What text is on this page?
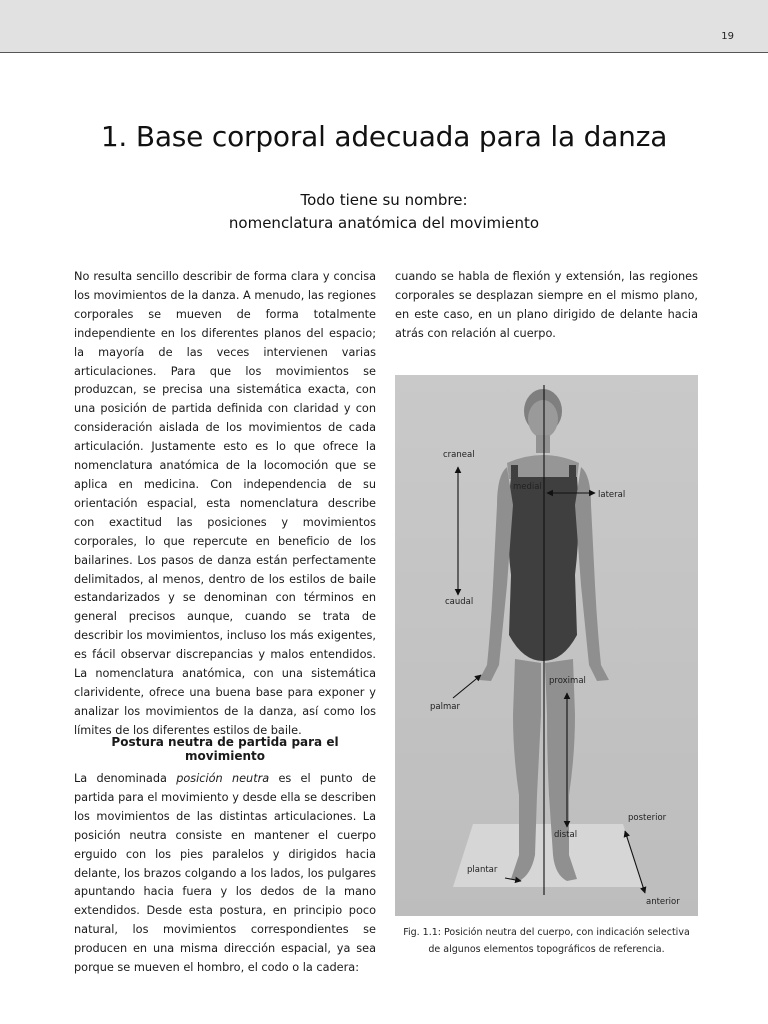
19
1. Base corporal adecuada para la danza
Todo tiene su nombre:
nomenclatura anatómica del movimiento

No resulta sencillo describir de forma clara y concisa los movimientos de la danza. A menudo, las regiones corporales se mueven de forma totalmente independiente en los diferentes planos del espacio; la mayoría de las veces intervienen varias articulaciones. Para que los movimientos se produzcan, se precisa una sistemática exacta, con una posición de partida definida con claridad y con consideración aislada de los movimientos de cada articulación. Justamente esto es lo que ofrece la nomenclatura anatómica de la locomoción que se aplica en medicina. Con independencia de su orientación espacial, esta nomenclatura describe con exactitud las posiciones y movimientos corporales, lo que repercute en beneficio de los bailarines. Los pasos de danza están perfectamente delimitados, al menos, dentro de los estilos de baile estandarizados y se denominan con términos en general precisos aunque, cuando se trata de describir los movimientos, incluso los más exigentes, es fácil observar discrepancias y malos entendidos. La nomenclatura anatómica, con una sistemática clarividente, ofrece una buena base para exponer y analizar los movimientos de la danza, así como los límites de los diferentes estilos de baile.

Postura neutra de partida para el movimiento

La denominada posición neutra es el punto de partida para el movimiento y desde ella se describen los movimientos de las distintas articulaciones. La posición neutra consiste en mantener el cuerpo erguido con los pies paralelos y dirigidos hacia delante, los brazos colgando a los lados, los pulgares apuntando hacia fuera y los dedos de la mano extendidos. Desde esta postura, en principio poco natural, los movimientos correspondientes se producen en una misma dirección espacial, ya sea porque se mueven el hombro, el codo o la cadera:

cuando se habla de flexión y extensión, las regiones corporales se desplazan siempre en el mismo plano, en este caso, en un plano dirigido de delante hacia atrás con relación al cuerpo.

craneal
caudal
medial
lateral
proximal
distal
palmar
plantar
posterior
anterior
Fig. 1.1: Posición neutra del cuerpo, con indicación selectiva
de algunos elementos topográficos de referencia.
